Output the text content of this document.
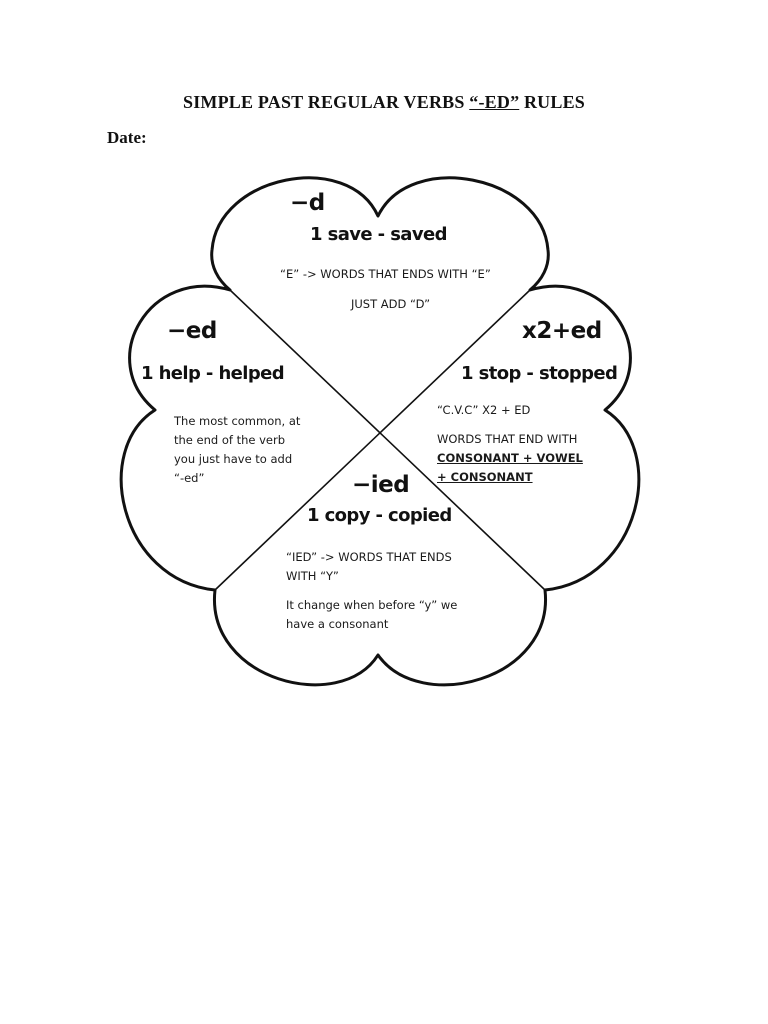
SIMPLE PAST REGULAR VERBS “-ED” RULES
Date:
−d
1 save - saved
“E” -> WORDS THAT ENDS WITH “E”
JUST ADD “D”
−ed
1 help - helped
The most common, at the end of the verb you just have to add “-ed”
x2+ed
1 stop - stopped
“C.V.C” X2 + ED
WORDS THAT END WITH
CONSONANT + VOWEL + CONSONANT
−ied
1 copy - copied
“IED” -> WORDS THAT ENDS WITH “Y”
It change when before “y” we have a consonant
